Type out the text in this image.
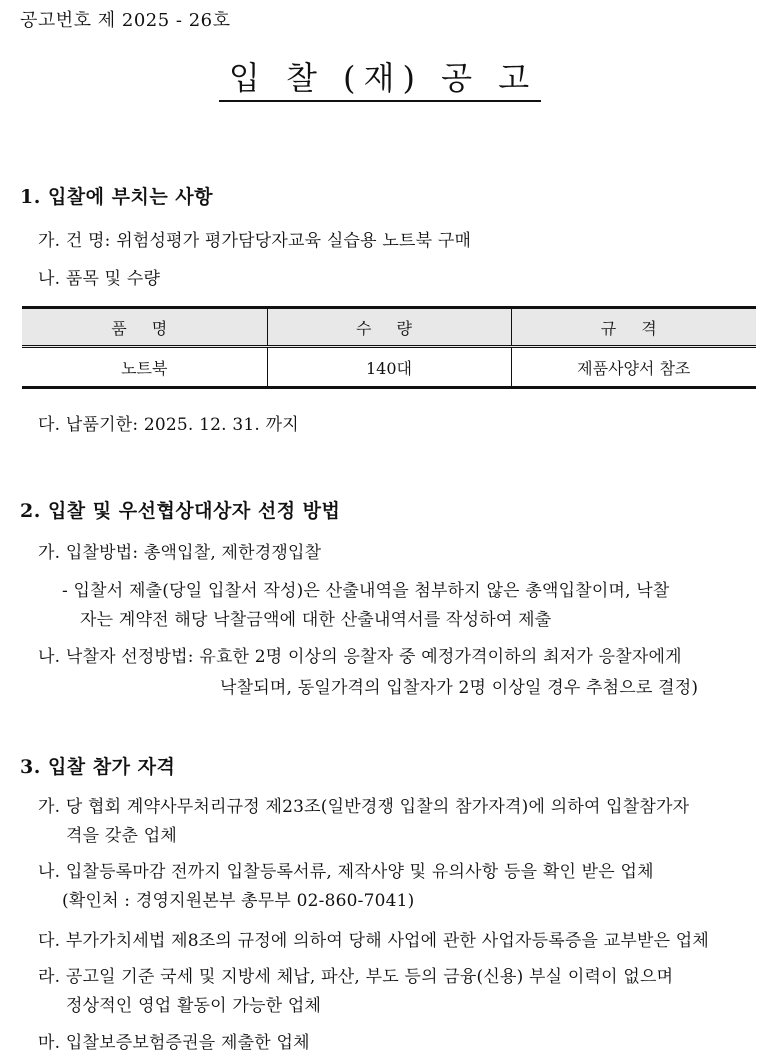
공고번호 제 2025 - 26호
입 찰 (재) 공 고
1. 입찰에 부치는 사항
가. 건 명: 위험성평가 평가담당자교육 실습용 노트북 구매
나. 품목 및 수량
품 명	수 량	규 격
노트북	140대	제품사양서 참조
다. 납품기한: 2025. 12. 31. 까지
2. 입찰 및 우선협상대상자 선정 방법
가. 입찰방법: 총액입찰, 제한경쟁입찰
- 입찰서 제출(당일 입찰서 작성)은 산출내역을 첨부하지 않은 총액입찰이며, 낙찰
자는 계약전 해당 낙찰금액에 대한 산출내역서를 작성하여 제출
나. 낙찰자 선정방법: 유효한 2명 이상의 응찰자 중 예정가격이하의 최저가 응찰자에게
낙찰되며, 동일가격의 입찰자가 2명 이상일 경우 추첨으로 결정)
3. 입찰 참가 자격
가. 당 협회 계약사무처리규정 제23조(일반경쟁 입찰의 참가자격)에 의하여 입찰참가자
격을 갖춘 업체
나. 입찰등록마감 전까지 입찰등록서류, 제작사양 및 유의사항 등을 확인 받은 업체
(확인처 : 경영지원본부 총무부 02-860-7041)
다. 부가가치세법 제8조의 규정에 의하여 당해 사업에 관한 사업자등록증을 교부받은 업체
라. 공고일 기준 국세 및 지방세 체납, 파산, 부도 등의 금융(신용) 부실 이력이 없으며
정상적인 영업 활동이 가능한 업체
마. 입찰보증보험증권을 제출한 업체
